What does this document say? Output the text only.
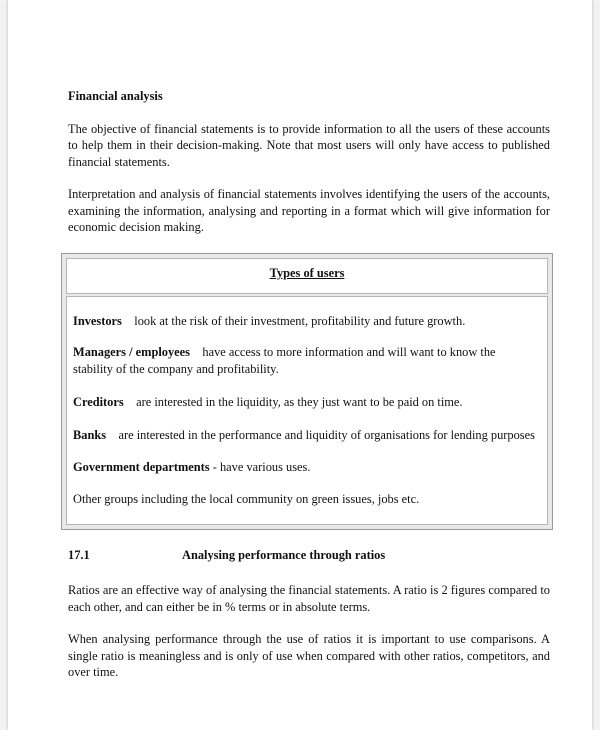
Financial analysis

The objective of financial statements is to provide information to all the users of these accounts to help them in their decision-making. Note that most users will only have access to published financial statements.

Interpretation and analysis of financial statements involves identifying the users of the accounts, examining the information, analysing and reporting in a format which will give information for economic decision making.

Types of users
Investors look at the risk of their investment, profitability and future growth.
Managers / employees have access to more information and will want to know the stability of the company and profitability.
Creditors are interested in the liquidity, as they just want to be paid on time.
Banks are interested in the performance and liquidity of organisations for lending purposes
Government departments - have various uses.
Other groups including the local community on green issues, jobs etc.
17.1	Analysing performance through ratios

Ratios are an effective way of analysing the financial statements. A ratio is 2 figures compared to each other, and can either be in % terms or in absolute terms.

When analysing performance through the use of ratios it is important to use comparisons. A single ratio is meaningless and is only of use when compared with other ratios, competitors, and over time.
